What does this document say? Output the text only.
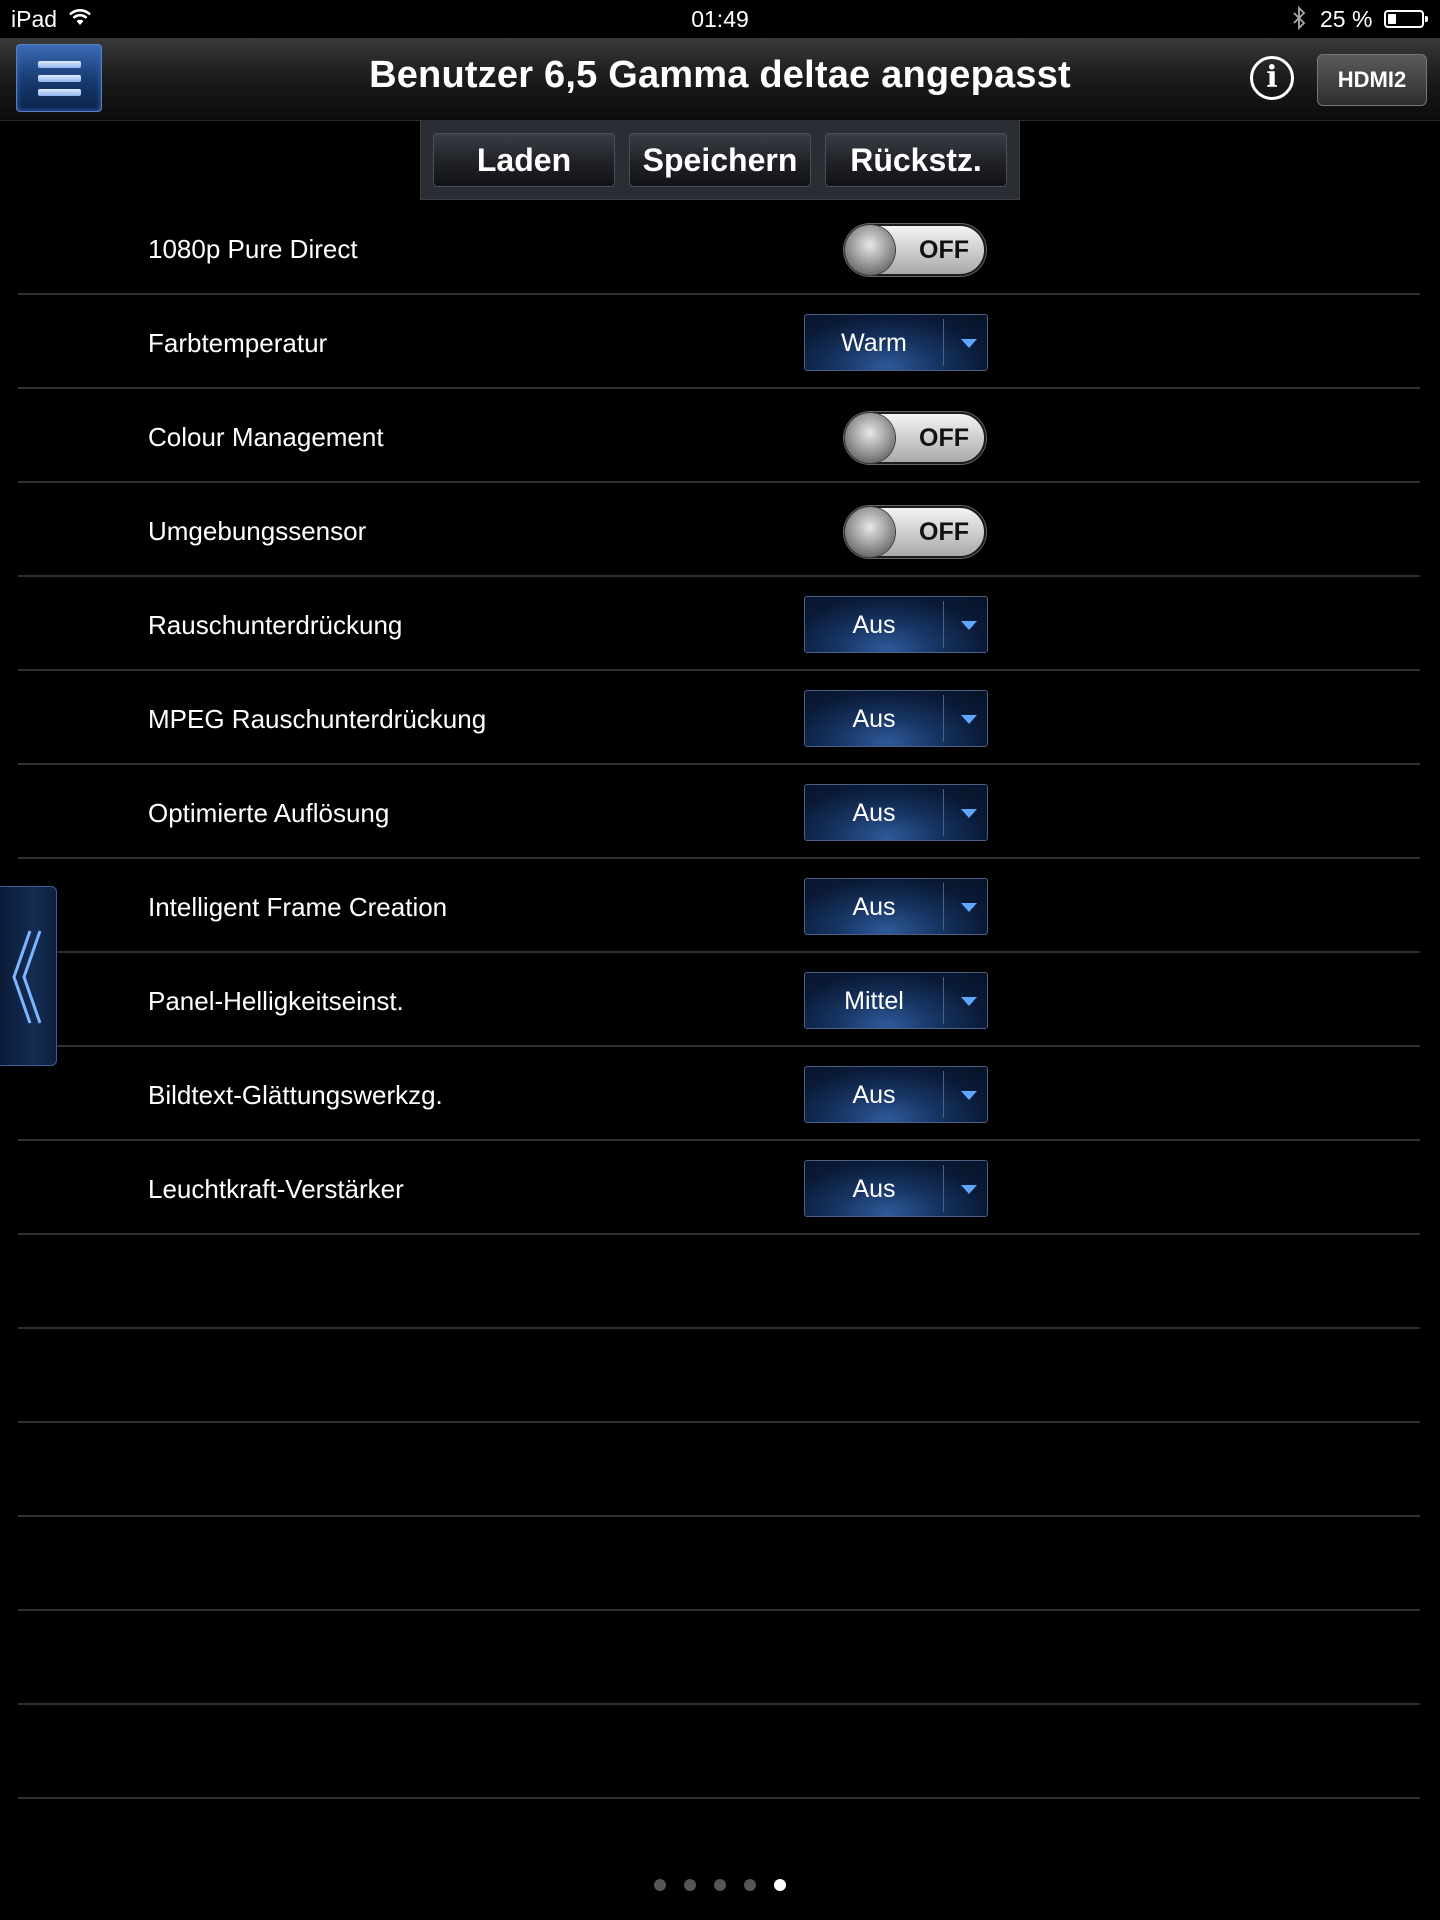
iPad	01:49	25 %
Benutzer 6,5 Gamma deltae angepasst	i	HDMI2
Laden	Speichern	Rückstz.
1080p Pure Direct	OFF
Farbtemperatur	Warm
Colour Management	OFF
Umgebungssensor	OFF
Rauschunterdrückung	Aus
MPEG Rauschunterdrückung	Aus
Optimierte Auflösung	Aus
Intelligent Frame Creation	Aus
Panel-Helligkeitseinst.	Mittel
Bildtext-Glättungswerkzg.	Aus
Leuchtkraft-Verstärker	Aus
